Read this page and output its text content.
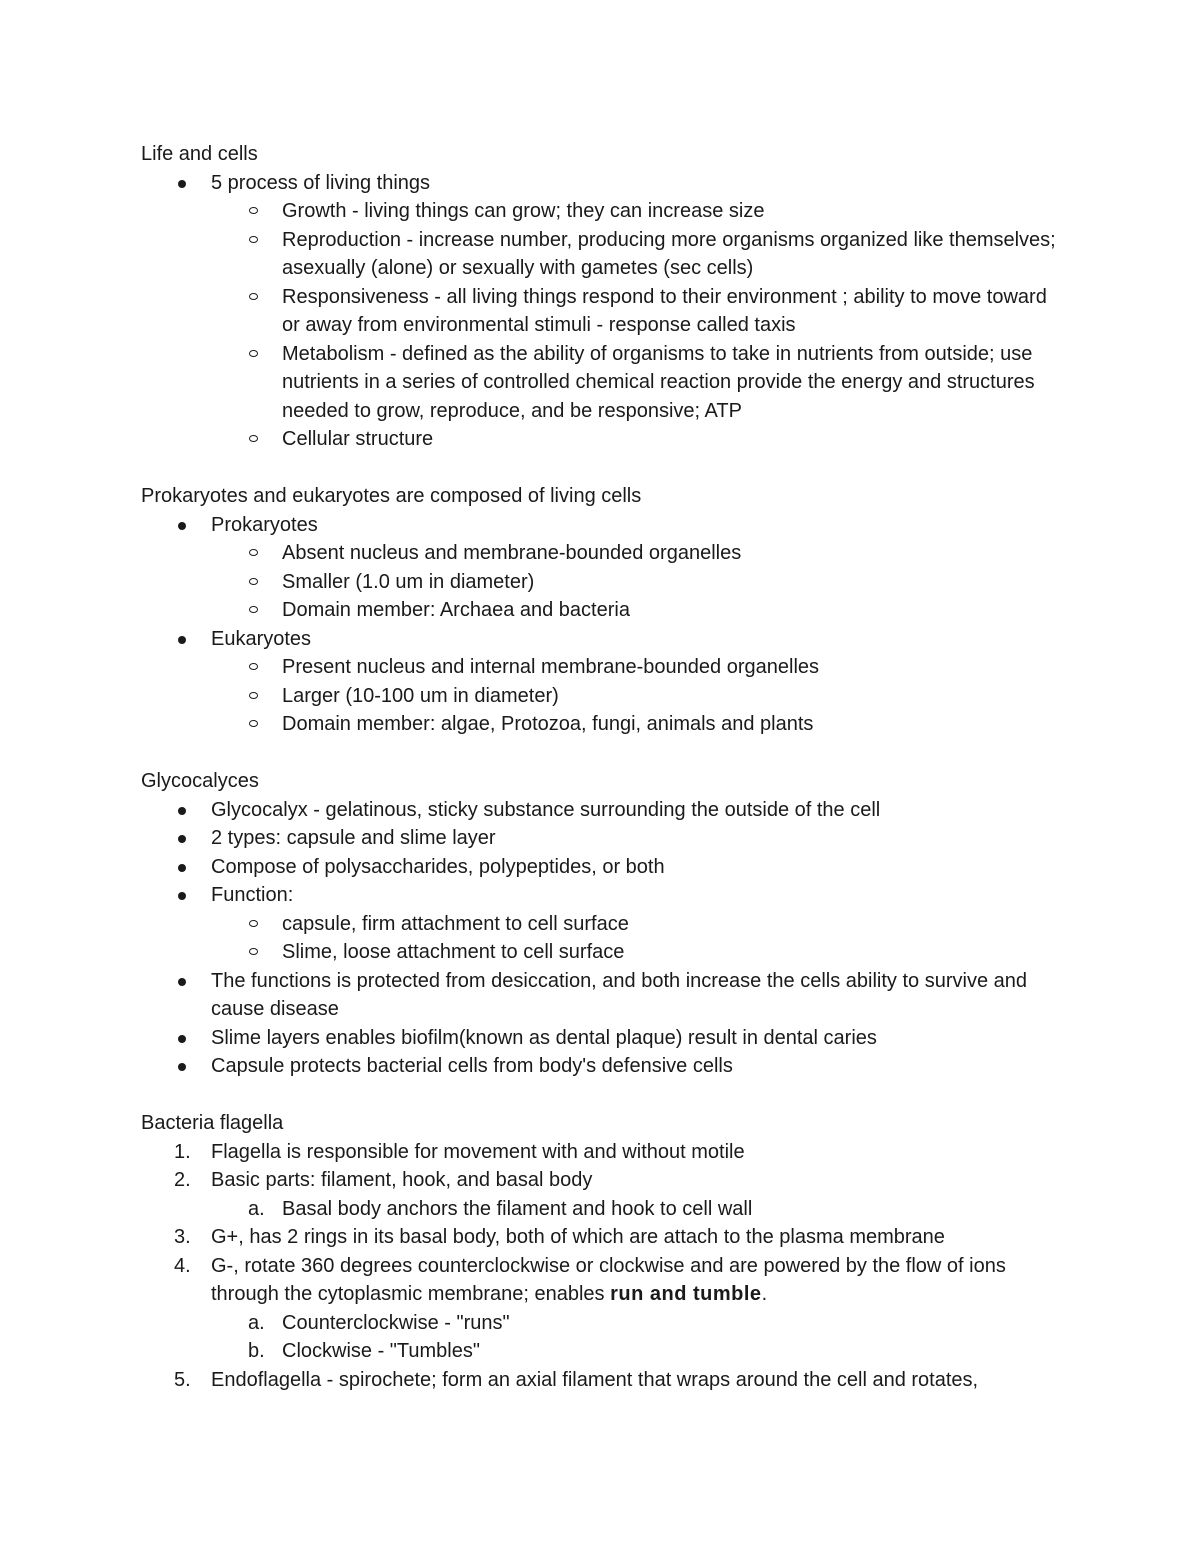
Life and cells

5 process of living things
Growth - living things can grow; they can increase size
Reproduction - increase number, producing more organisms organized like themselves; asexually (alone) or sexually with gametes (sec cells)
Responsiveness - all living things respond to their environment ; ability to move toward or away from environmental stimuli - response called taxis
Metabolism - defined as the ability of organisms to take in nutrients from outside; use nutrients in a series of controlled chemical reaction provide the energy and structures needed to grow, reproduce, and be responsive; ATP
Cellular structure

Prokaryotes and eukaryotes are composed of living cells

Prokaryotes
Absent nucleus and membrane-bounded organelles
Smaller (1.0 um in diameter)
Domain member: Archaea and bacteria
Eukaryotes
Present nucleus and internal membrane-bounded organelles
Larger (10-100 um in diameter)
Domain member: algae, Protozoa, fungi, animals and plants

Glycocalyces

Glycocalyx - gelatinous, sticky substance surrounding the outside of the cell
2 types: capsule and slime layer
Compose of polysaccharides, polypeptides, or both
Function:
capsule, firm attachment to cell surface
Slime, loose attachment to cell surface
The functions is protected from desiccation, and both increase the cells ability to survive and cause disease
Slime layers enables biofilm(known as dental plaque) result in dental caries
Capsule protects bacterial cells from body's defensive cells

Bacteria flagella

1. Flagella is responsible for movement with and without motile
2. Basic parts: filament, hook, and basal body
a. Basal body anchors the filament and hook to cell wall
3. G+, has 2 rings in its basal body, both of which are attach to the plasma membrane
4. G-, rotate 360 degrees counterclockwise or clockwise and are powered by the flow of ions through the cytoplasmic membrane; enables run and tumble.
a. Counterclockwise - "runs"
b. Clockwise - "Tumbles"
5. Endoflagella - spirochete; form an axial filament that wraps around the cell and rotates,
